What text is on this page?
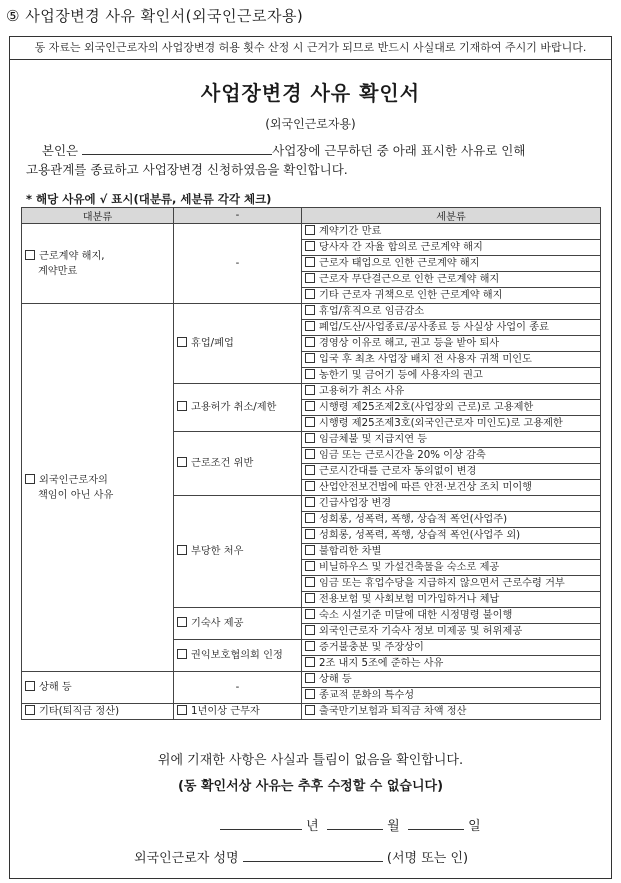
⑤ 사업장변경 사유 확인서(외국인근로자용)
동 자료는 외국인근로자의 사업장변경 허용 횟수 산정 시 근거가 되므로 반드시 사실대로 기재하여 주시기 바랍니다.
사업장변경 사유 확인서
(외국인근로자용)
본인은	사업장에 근무하던 중 아래 표시한 사유로 인해
고용관계를 종료하고 사업장변경 신청하였음을 확인합니다.
* 해당 사유에 √ 표시(대분류, 세분류 각각 체크)
대분류	-	세분류
근로계약 해지,
계약만료	-	계약기간 만료
		당사자 간 자율 합의로 근로계약 해지
		근로자 태업으로 인한 근로계약 해지
		근로자 무단결근으로 인한 근로계약 해지
		기타 근로자 귀책으로 인한 근로계약 해지
외국인근로자의
책임이 아닌 사유	휴업/폐업	휴업/휴직으로 임금감소
		폐업/도산/사업종료/공사종료 등 사실상 사업이 종료
		경영상 이유로 해고, 권고 등을 받아 퇴사
		입국 후 최초 사업장 배치 전 사용자 귀책 미인도
		농한기 및 금어기 등에 사용자의 권고
	고용허가 취소/제한	고용허가 취소 사유
		시행령 제25조제2호(사업장외 근로)로 고용제한
		시행령 제25조제3호(외국인근로자 미인도)로 고용제한
	근로조건 위반	임금체불 및 지급지연 등
		임금 또는 근로시간을 20% 이상 감축
		근로시간대를 근로자 동의없이 변경
		산업안전보건법에 따른 안전·보건상 조치 미이행
	부당한 처우	긴급사업장 변경
		성희롱, 성폭력, 폭행, 상습적 폭언(사업주)
		성희롱, 성폭력, 폭행, 상습적 폭언(사업주 외)
		불합리한 차별
		비닐하우스 및 가설건축물을 숙소로 제공
		임금 또는 휴업수당을 지급하지 않으면서 근로수령 거부
		전용보험 및 사회보험 미가입하거나 체납
	기숙사 제공	숙소 시설기준 미달에 대한 시정명령 불이행
		외국인근로자 기숙사 정보 미제공 및 허위제공
	권익보호협의회 인정	증거불충분 및 주장상이
		2조 내지 5조에 준하는 사유
상해 등	-	상해 등
		종교적 문화의 특수성
기타(퇴직금 정산)	1년이상 근무자	출국만기보험과 퇴직금 차액 정산
위에 기재한 사항은 사실과 틀림이 없음을 확인합니다.
(동 확인서상 사유는 추후 수정할 수 없습니다)
년	월	일
외국인근로자 성명	(서명 또는 인)
